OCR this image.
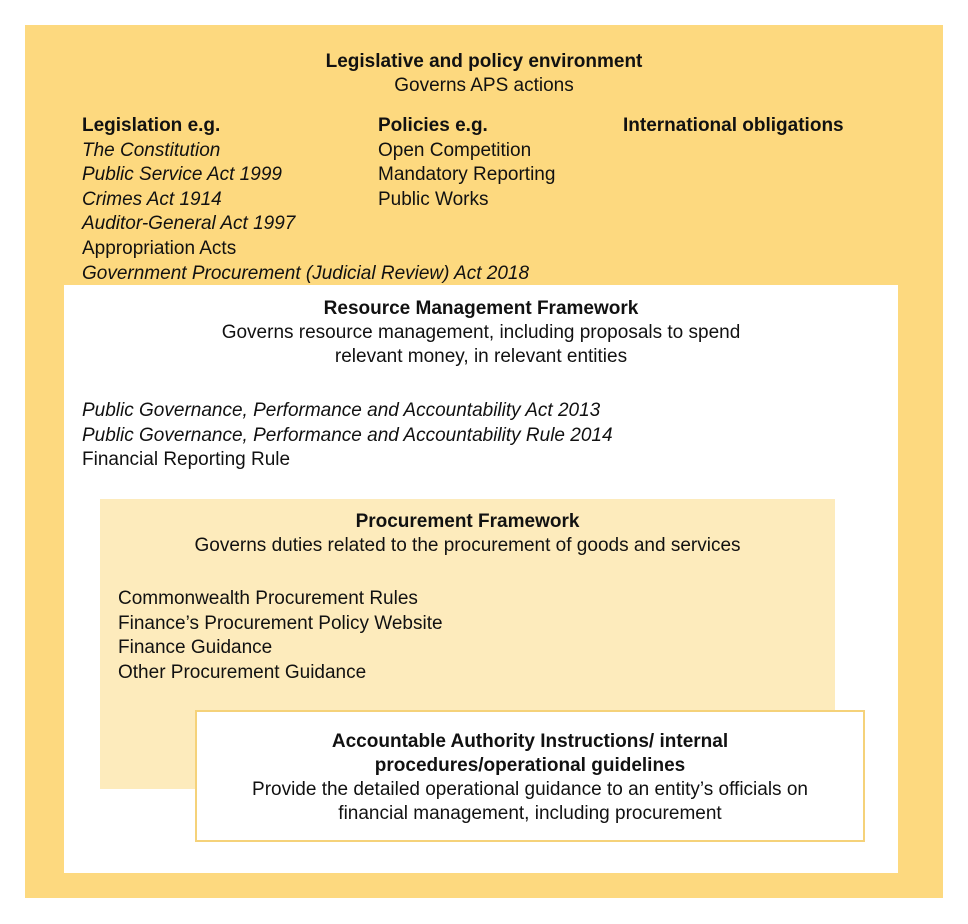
Legislative and policy environment
Governs APS actions
Legislation e.g.
The Constitution
Public Service Act 1999
Crimes Act 1914
Auditor-General Act 1997
Appropriation Acts
Government Procurement (Judicial Review) Act 2018
Policies e.g.
Open Competition
Mandatory Reporting
Public Works
International obligations
Resource Management Framework
Governs resource management, including proposals to spend
relevant money, in relevant entities
Public Governance, Performance and Accountability Act 2013
Public Governance, Performance and Accountability Rule 2014
Financial Reporting Rule
Procurement Framework
Governs duties related to the procurement of goods and services
Commonwealth Procurement Rules
Finance’s Procurement Policy Website
Finance Guidance
Other Procurement Guidance
Accountable Authority Instructions/ internal
procedures/operational guidelines
Provide the detailed operational guidance to an entity’s officials on
financial management, including procurement
